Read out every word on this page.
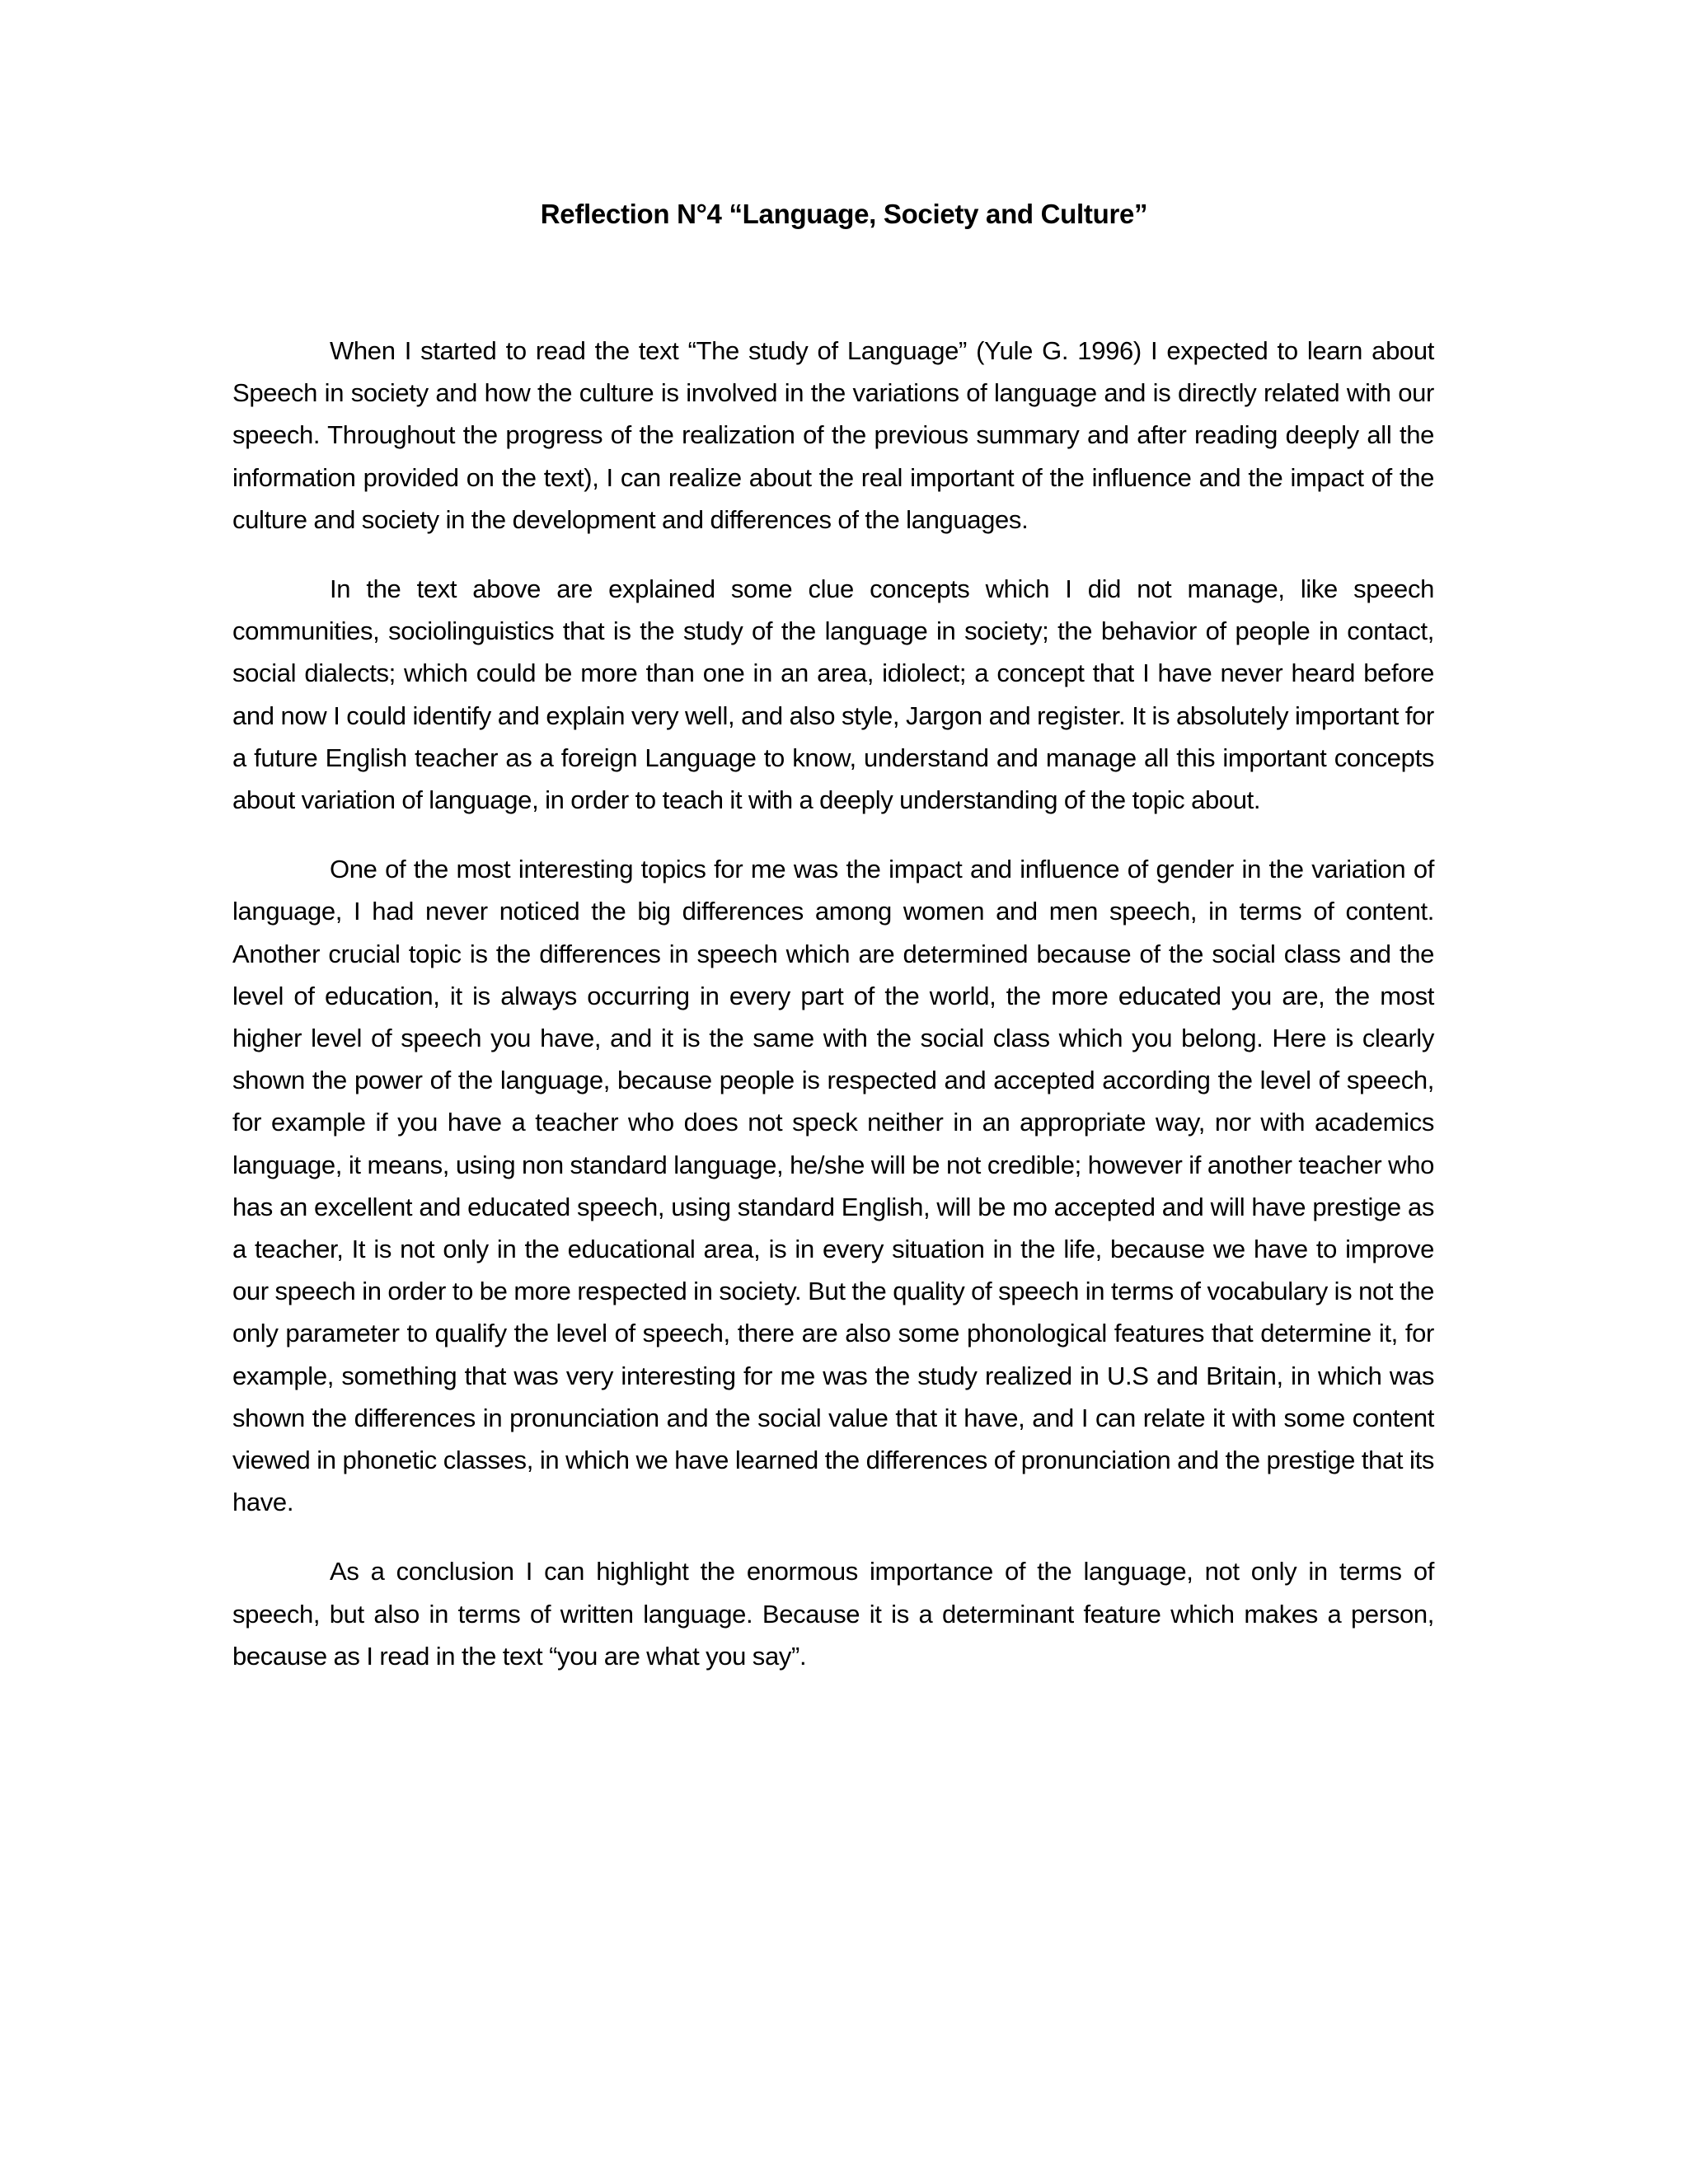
Reflection N°4 “Language, Society and Culture”

When I started to read the text “The study of Language” (Yule G. 1996) I expected to learn about Speech in society and how the culture is involved in the variations of language and is directly related with our speech. Throughout the progress of the realization of the previous summary and after reading deeply all the information provided on the text), I can realize about the real important of the influence and the impact of the culture and society in the development and differences of the languages.

In the text above are explained some clue concepts which I did not manage, like speech communities, sociolinguistics that is the study of the language in society; the behavior of people in contact, social dialects; which could be more than one in an area, idiolect; a concept that I have never heard before and now I could identify and explain very well, and also style, Jargon and register. It is absolutely important for a future English teacher as a foreign Language to know, understand and manage all this important concepts about variation of language, in order to teach it with a deeply understanding of the topic about.

One of the most interesting topics for me was the impact and influence of gender in the variation of language, I had never noticed the big differences among women and men speech, in terms of content. Another crucial topic is the differences in speech which are determined because of the social class and the level of education, it is always occurring in every part of the world, the more educated you are, the most higher level of speech you have, and it is the same with the social class which you belong. Here is clearly shown the power of the language, because people is respected and accepted according the level of speech, for example if you have a teacher who does not speck neither in an appropriate way, nor with academics language, it means, using non standard language, he/she will be not credible; however if another teacher who has an excellent and educated speech, using standard English, will be mo accepted and will have prestige as a teacher, It is not only in the educational area, is in every situation in the life, because we have to improve our speech in order to be more respected in society. But the quality of speech in terms of vocabulary is not the only parameter to qualify the level of speech, there are also some phonological features that determine it, for example, something that was very interesting for me was the study realized in U.S and Britain, in which was shown the differences in pronunciation and the social value that it have, and I can relate it with some content viewed in phonetic classes, in which we have learned the differences of pronunciation and the prestige that its have.

As a conclusion I can highlight the enormous importance of the language, not only in terms of speech, but also in terms of written language. Because it is a determinant feature which makes a person, because as I read in the text “you are what you say”.
